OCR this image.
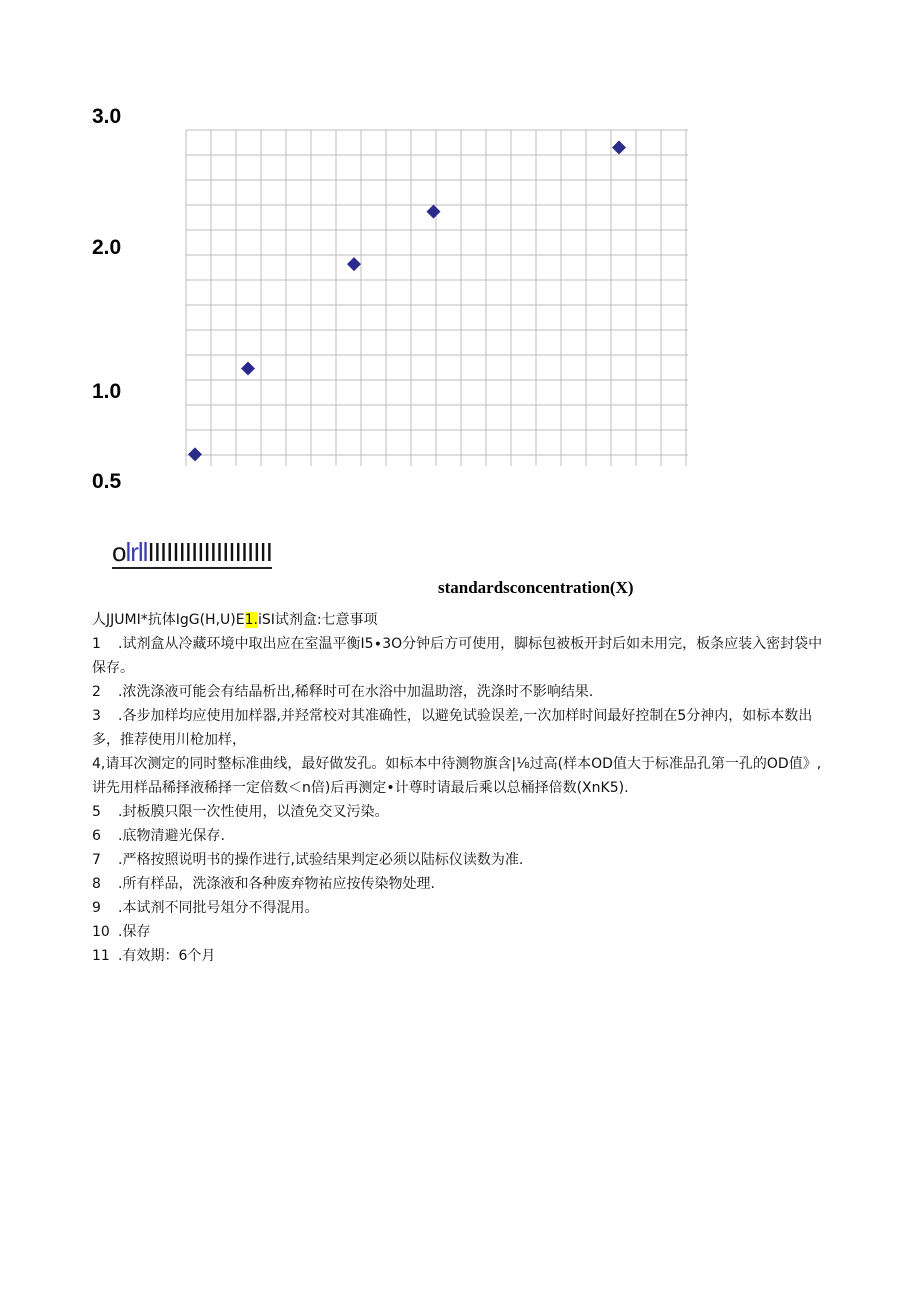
3.0
2.0
1.0
0.5
olrllIIIIIIIIIIIIIIIIIIII
standardsconcentration(X)
人JJUMI*抗体IgG(H,U)E1.iSI试剂盒:七意事项

1 .试剂盒从冷藏环境中取出应在室温平衡I5∙3O分钟后方可使用，脚标包被板开封后如未用完，板条应装入密封袋中保存。

2 .浓洗涤液可能会有结晶析出,稀释时可在水浴中加温助溶，洗涤时不影响结果.

3 .各步加样均应使用加样器,并羟常校对其准确性，以避免试验误差,一次加样时间最好控制在5分神内，如标本数出多，推荐使用川枪加样，

4,请耳次测定的同时整标准曲线，最好做发孔。如标本中待测物旗含|⅛过高(样本OD值大于标准品孔第一孔的OD值》,讲先用样品稀择液稀择一定倍数＜n倍)后再测定•计尊时请最后乘以总桶择倍数(XnK5).

5 .封板膜只限一次性使用，以渣免交叉污染。

6 .底物清避光保存.

7 .严格按照说明书的操作进行,试验结果判定必须以陆标仪读数为准.

8 .所有样品，洗涤液和各种废弃物祐应按传染物处理.

9 .本试剂不同批号俎分不得混用。

10 .保存

11 .有效期：6个月
